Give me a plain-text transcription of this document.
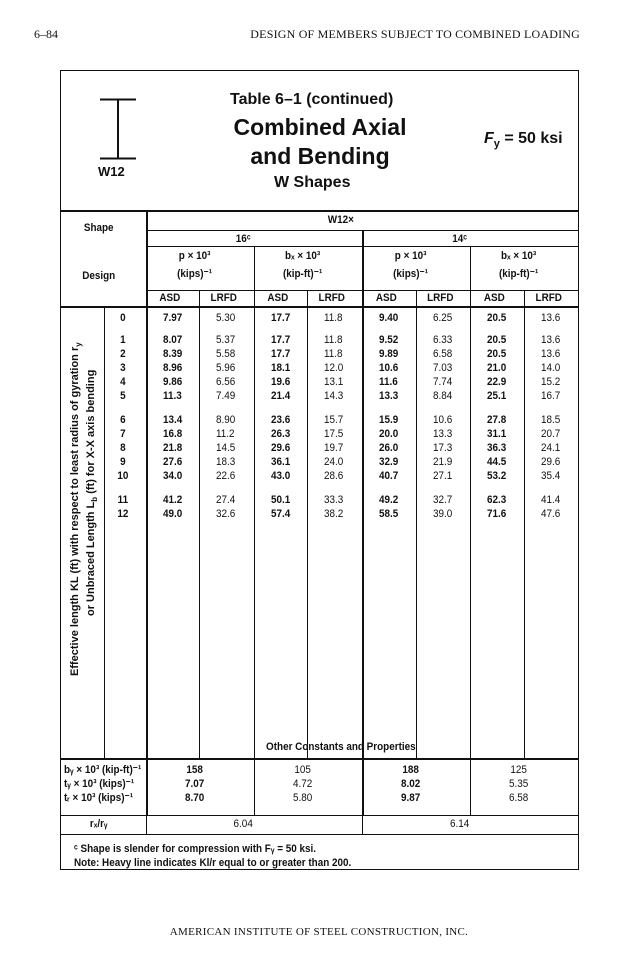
6–84	DESIGN OF MEMBERS SUBJECT TO COMBINED LOADING
W12
Table 6–1 (continued)
Combined Axial
and Bending
W Shapes
$F_y = 50$ ksi
Effective length KL (ft) with respect to least radius of gyration $r_y$
or Unbraced Length $L_b$ (ft) for X-X axis bending
Shape
W12×
16ᶜ	14ᶜ
Design
p × 10³
(kips)⁻¹
bₓ × 10³
(kip-ft)⁻¹
p × 10³
(kips)⁻¹
bₓ × 10³
(kip-ft)⁻¹
ASD	LRFD	ASD	LRFD	ASD	LRFD	ASD	LRFD
0	7.97	5.30	17.7	11.8	9.40	6.25	20.5	13.6
1	8.07	5.37	17.7	11.8	9.52	6.33	20.5	13.6
2	8.39	5.58	17.7	11.8	9.89	6.58	20.5	13.6
3	8.96	5.96	18.1	12.0	10.6	7.03	21.0	14.0
4	9.86	6.56	19.6	13.1	11.6	7.74	22.9	15.2
5	11.3	7.49	21.4	14.3	13.3	8.84	25.1	16.7
6	13.4	8.90	23.6	15.7	15.9	10.6	27.8	18.5
7	16.8	11.2	26.3	17.5	20.0	13.3	31.1	20.7
8	21.8	14.5	29.6	19.7	26.0	17.3	36.3	24.1
9	27.6	18.3	36.1	24.0	32.9	21.9	44.5	29.6
10	34.0	22.6	43.0	28.6	40.7	27.1	53.2	35.4
11	41.2	27.4	50.1	33.3	49.2	32.7	62.3	41.4
12	49.0	32.6	57.4	38.2	58.5	39.0	71.6	47.6
Other Constants and Properties
bᵧ × 10³ (kip-ft)⁻¹
tᵧ × 10³ (kips)⁻¹
tᵣ × 10³ (kips)⁻¹
158	105	188	125
7.07	4.72	8.02	5.35
8.70	5.80	9.87	6.58
rₓ/rᵧ	6.04	6.14
ᶜ Shape is slender for compression with Fᵧ = 50 ksi.
Note: Heavy line indicates Kl/r equal to or greater than 200.
AMERICAN INSTITUTE OF STEEL CONSTRUCTION, INC.
